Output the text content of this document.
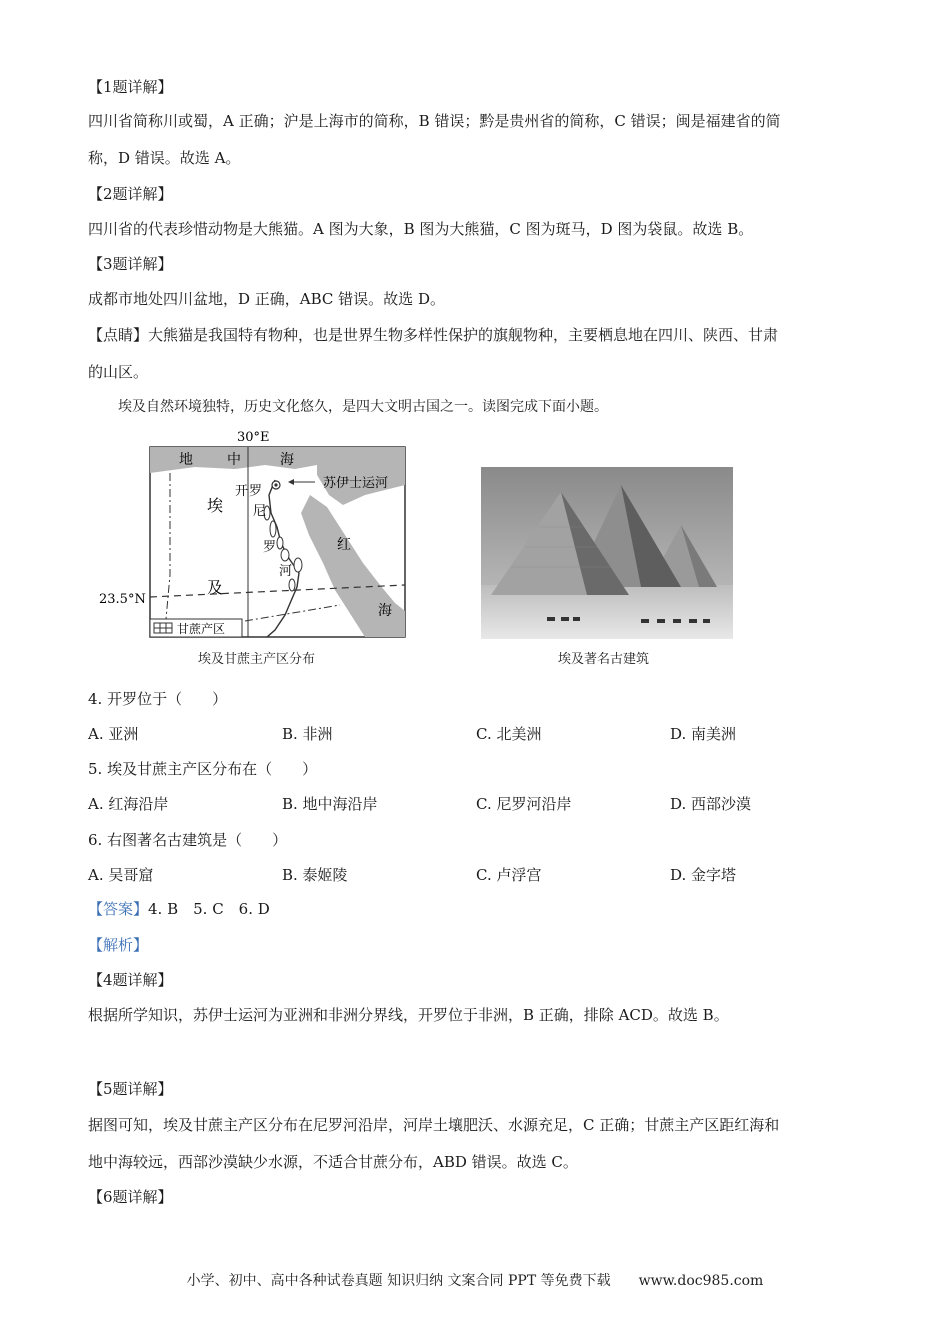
【1题详解】
四川省简称川或蜀，A 正确；沪是上海市的简称，B 错误；黔是贵州省的简称，C 错误；闽是福建省的简
称，D 错误。故选 A。
【2题详解】
四川省的代表珍惜动物是大熊猫。A 图为大象，B 图为大熊猫，C 图为斑马，D 图为袋鼠。故选 B。
【3题详解】
成都市地处四川盆地，D 正确，ABC 错误。故选 D。
【点睛】大熊猫是我国特有物种，也是世界生物多样性保护的旗舰物种，主要栖息地在四川、陕西、甘肃
的山区。
埃及自然环境独特，历史文化悠久，是四大文明古国之一。读图完成下面小题。
30°E
地 中	海
苏伊士运河
开 罗
埃
及
尼
罗
河
红
海
23.5°N
甘蔗产区
埃及甘蔗主产区分布	埃及著名古建筑
4. 开罗位于（　　）
A. 亚洲	B. 非洲	C. 北美洲	D. 南美洲
5. 埃及甘蔗主产区分布在（　　）
A. 红海沿岸	B. 地中海沿岸	C. 尼罗河沿岸	D. 西部沙漠
6. 右图著名古建筑是（　　）
A. 吴哥窟	B. 泰姬陵	C. 卢浮宫	D. 金字塔
【答案】4. B　5. C　6. D
【解析】
【4题详解】
根据所学知识，苏伊士运河为亚洲和非洲分界线，开罗位于非洲，B 正确，排除 ACD。故选 B。
【5题详解】
据图可知，埃及甘蔗主产区分布在尼罗河沿岸，河岸土壤肥沃、水源充足，C 正确；甘蔗主产区距红海和
地中海较远，西部沙漠缺少水源，不适合甘蔗分布，ABD 错误。故选 C。
【6题详解】
小学、初中、高中各种试卷真题 知识归纳 文案合同 PPT 等免费下载 www.doc985.com
